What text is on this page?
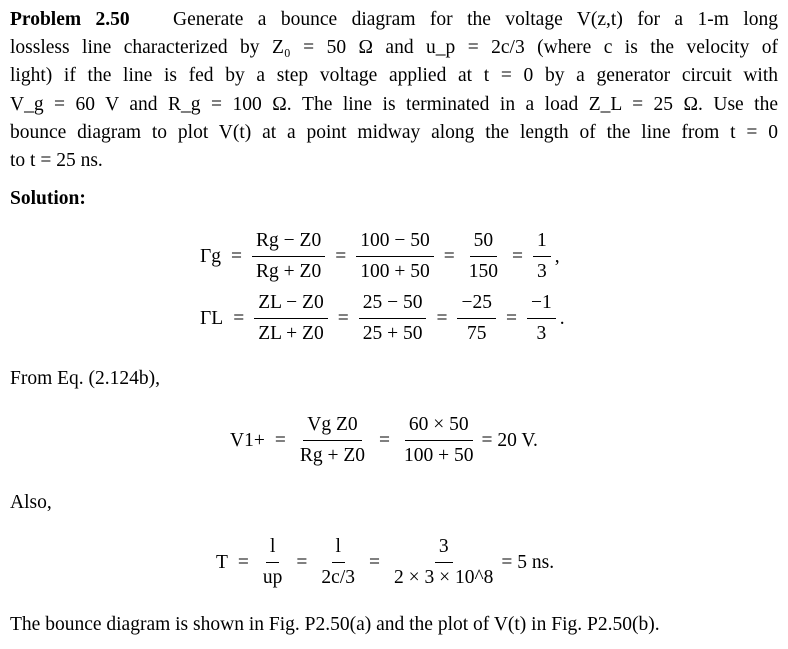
Problem 2.50 Generate a bounce diagram for the voltage V(z,t) for a 1-m long
lossless line characterized by Z₀ = 50 Ω and u_p = 2c/3 (where c is the velocity of
light) if the line is fed by a step voltage applied at t = 0 by a generator circuit with
V_g = 60 V and R_g = 100 Ω. The line is terminated in a load Z_L = 25 Ω. Use the
bounce diagram to plot V(t) at a point midway along the length of the line from t = 0
to t = 25 ns.
Solution:
$\Gamma g = \frac{Rg - Z0}{Rg + Z0} = \frac{100 - 50}{100 + 50} = \frac{50}{150} = \frac{1}{3}$ ,
$\Gamma L = \frac{ZL - Z0}{ZL + Z0} = \frac{25 - 50}{25 + 50} = \frac{-25}{75} = \frac{-1}{3}$ .
From Eq. (2.124b),
$V1+ = \frac{\text{Vg Z0}}{Rg + Z0} = \frac{60 \times 50}{100 + 50} = 20$ V.
Also,
$T = \frac{l}{up} = \frac{l}{2c/3} = \frac{3}{2 \times 3 \times 10\^{}8} = 5$ ns.
The bounce diagram is shown in Fig. P2.50(a) and the plot of V(t) in Fig. P2.50(b).
